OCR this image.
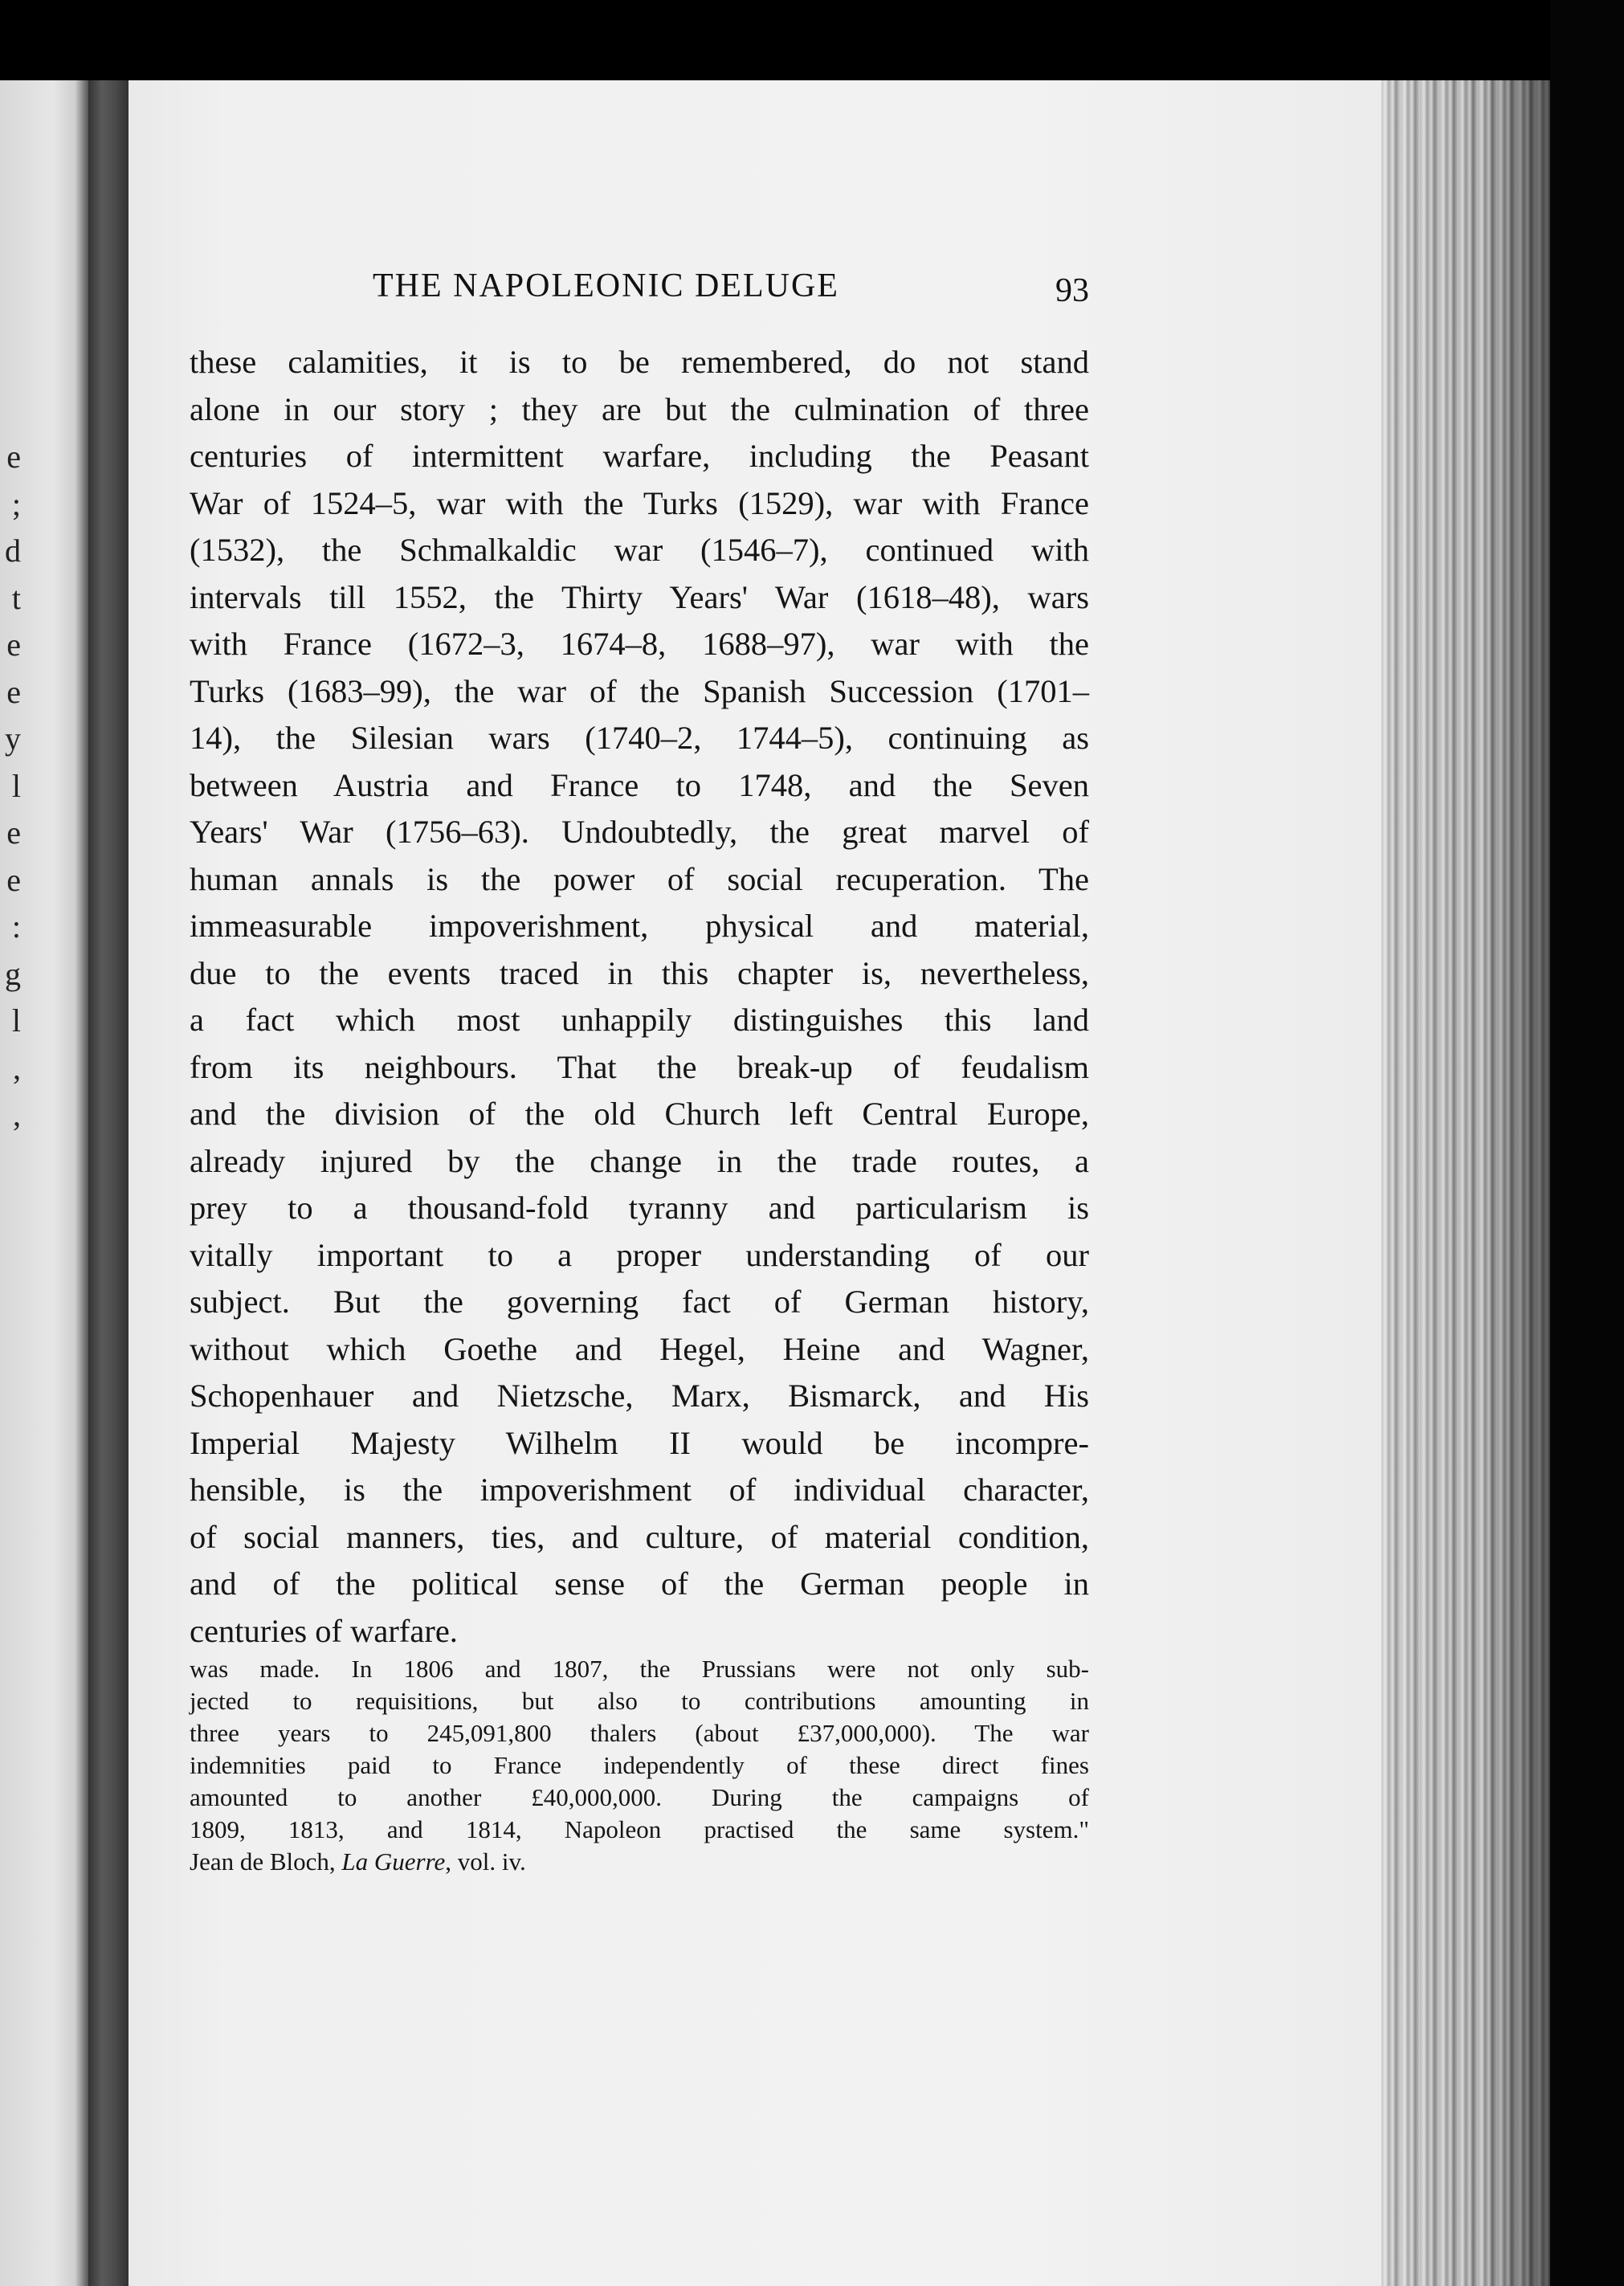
e
;
d
t
e
e
y
l
e
e
:
g
l
,
,
THE NAPOLEONIC DELUGE	93
these calamities, it is to be remembered, do not stand
alone in our story ; they are but the culmination of three
centuries of intermittent warfare, including the Peasant
War of 1524–5, war with the Turks (1529), war with France
(1532), the Schmalkaldic war (1546–7), continued with
intervals till 1552, the Thirty Years' War (1618–48), wars
with France (1672–3, 1674–8, 1688–97), war with the
Turks (1683–99), the war of the Spanish Succession (1701–
14), the Silesian wars (1740–2, 1744–5), continuing as
between Austria and France to 1748, and the Seven
Years' War (1756–63). Undoubtedly, the great marvel of
human annals is the power of social recuperation. The
immeasurable impoverishment, physical and material,
due to the events traced in this chapter is, nevertheless,
a fact which most unhappily distinguishes this land
from its neighbours. That the break-up of feudalism
and the division of the old Church left Central Europe,
already injured by the change in the trade routes, a
prey to a thousand-fold tyranny and particularism is
vitally important to a proper understanding of our
subject. But the governing fact of German history,
without which Goethe and Hegel, Heine and Wagner,
Schopenhauer and Nietzsche, Marx, Bismarck, and His
Imperial Majesty Wilhelm II would be incompre-
hensible, is the impoverishment of individual character,
of social manners, ties, and culture, of material condition,
and of the political sense of the German people in
centuries of warfare.
was made. In 1806 and 1807, the Prussians were not only sub-
jected to requisitions, but also to contributions amounting in
three years to 245,091,800 thalers (about £37,000,000). The war
indemnities paid to France independently of these direct fines
amounted to another £40,000,000. During the campaigns of
1809, 1813, and 1814, Napoleon practised the same system."
Jean de Bloch, La Guerre, vol. iv.
